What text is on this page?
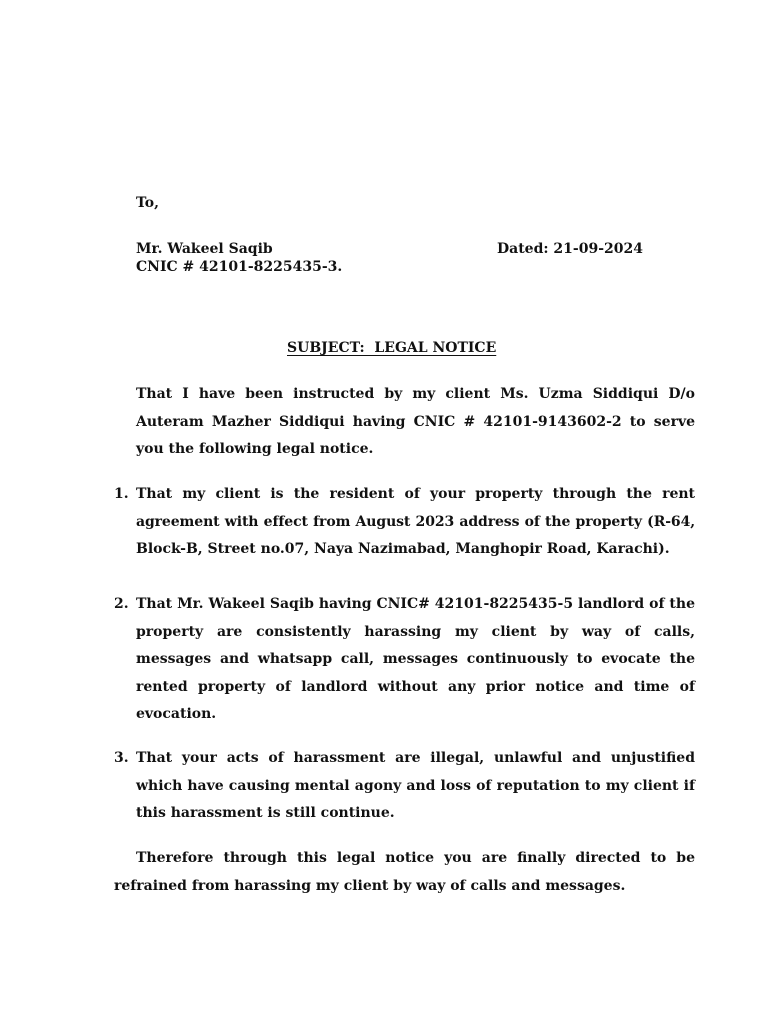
To,
Mr. Wakeel Saqib	Dated: 21-09-2024
CNIC # 42101-8225435-3.
SUBJECT:  LEGAL NOTICE
That I have been instructed by my client Ms. Uzma Siddiqui D/o
Auteram Mazher Siddiqui having CNIC # 42101-9143602-2 to serve
you the following legal notice.
1. That my client is the resident of your property through the rent
agreement with effect from August 2023 address of the property (R-64,
Block-B, Street no.07, Naya Nazimabad, Manghopir Road, Karachi).
2. That Mr. Wakeel Saqib having CNIC# 42101-8225435-5 landlord of the
property are consistently harassing my client by way of calls,
messages and whatsapp call, messages continuously to evocate the
rented property of landlord without any prior notice and time of
evocation.
3. That your acts of harassment are illegal, unlawful and unjustified
which have causing mental agony and loss of reputation to my client if
this harassment is still continue.
Therefore through this legal notice you are finally directed to be
refrained from harassing my client by way of calls and messages.
